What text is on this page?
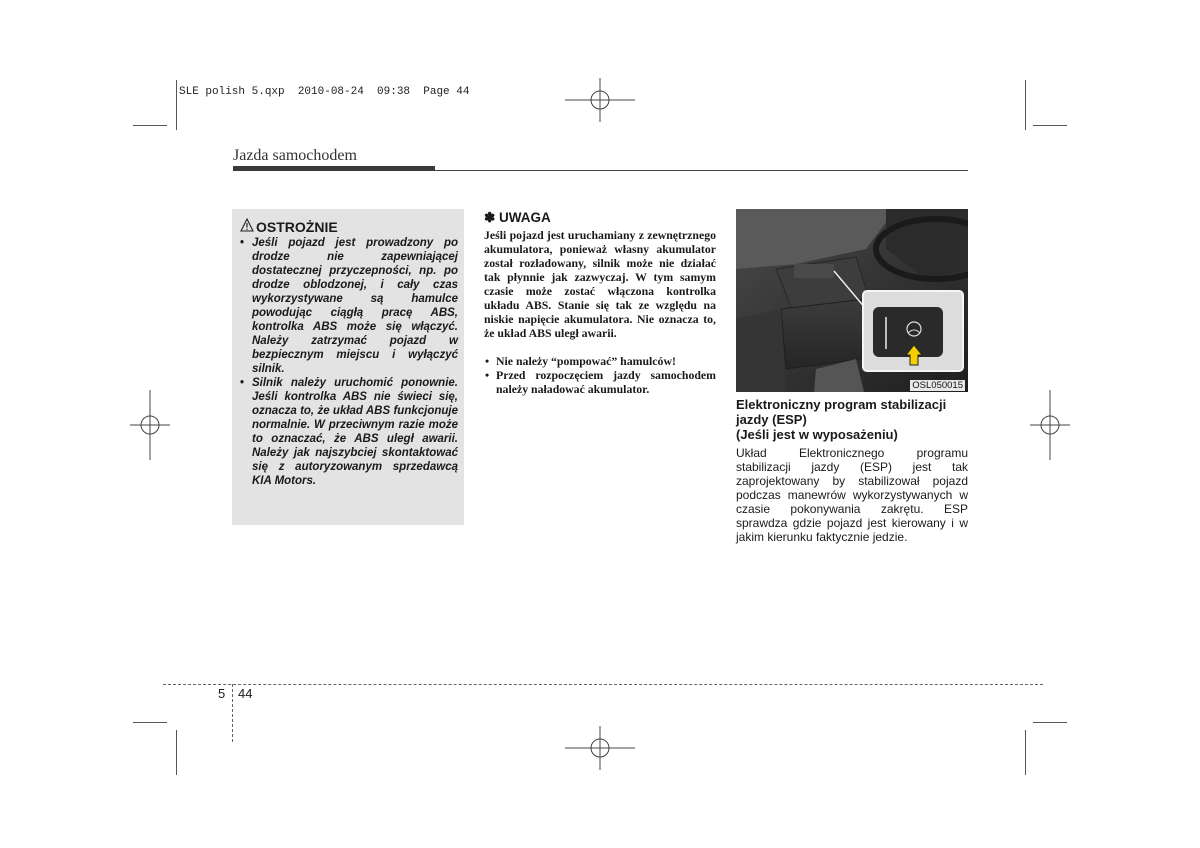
SLE polish 5.qxp  2010-08-24  09:38  Page 44
Jazda samochodem
OSTROŻNIE
• Jeśli pojazd jest prowadzony po drodze nie zapewniającej dostatecznej przyczepności, np. po drodze oblodzonej, i cały czas wykorzystywane są hamulce powodując ciągłą pracę ABS, kontrolka ABS może się włączyć. Należy zatrzymać pojazd w bezpiecznym miejscu i wyłączyć silnik.
• Silnik należy uruchomić ponownie. Jeśli kontrolka ABS nie świeci się, oznacza to, że układ ABS funkcjonuje normalnie. W przeciwnym razie może to oznaczać, że ABS uległ awarii. Należy jak najszybciej skontaktować się z autoryzowanym sprzedawcą KIA Motors.
✽ UWAGA
Jeśli pojazd jest uruchamiany z zewnętrznego akumulatora, ponieważ własny akumulator został rozładowany, silnik może nie działać tak płynnie jak zazwyczaj. W tym samym czasie może zostać włączona kontrolka układu ABS. Stanie się tak ze względu na niskie napięcie akumulatora. Nie oznacza to, że układ ABS uległ awarii.
• Nie należy “pompować” hamulców!
• Przed rozpoczęciem jazdy samochodem należy naładować akumulator.	OSL050015
Elektroniczny program stabilizacji jazdy (ESP)
(Jeśli jest w wyposażeniu)
Układ Elektronicznego programu stabilizacji jazdy (ESP) jest tak zaprojektowany by stabilizował pojazd podczas manewrów wykorzystywanych w czasie pokonywania zakrętu. ESP sprawdza gdzie pojazd jest kierowany i w jakim kierunku faktycznie jedzie.
5 44
